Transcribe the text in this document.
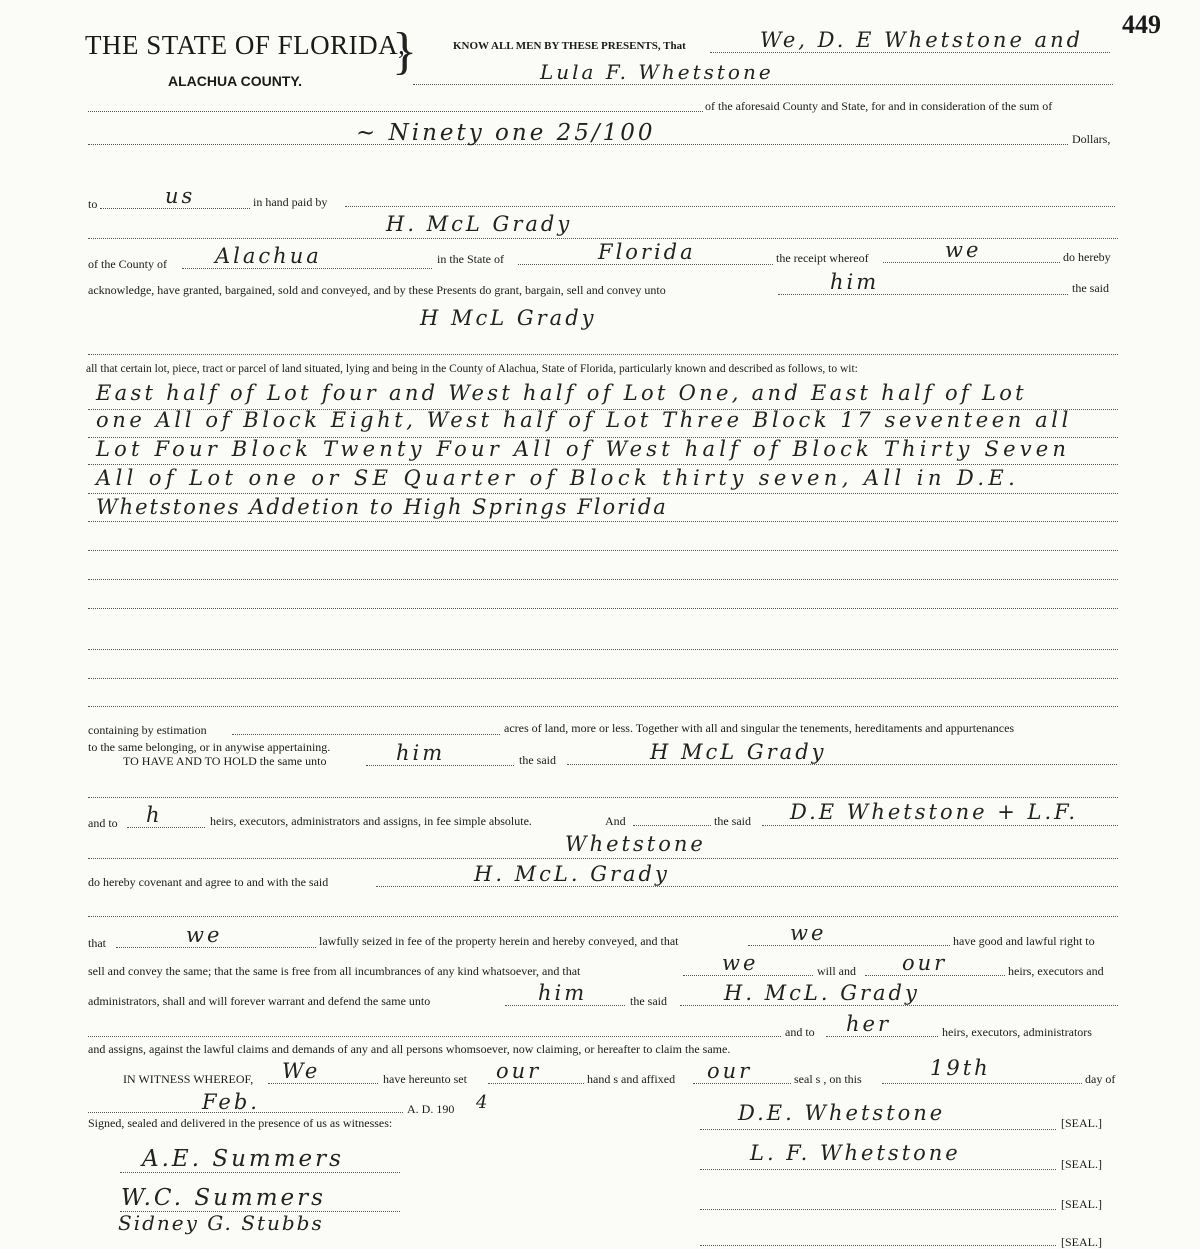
THE STATE OF FLORIDA,
}
ALACHUA COUNTY.
449
KNOW ALL MEN BY THESE PRESENTS, That	We, D. E Whetstone and
Lula F. Whetstone
of the aforesaid County and State, for and in consideration of the sum of
~ Ninety one 25/100	Dollars,
to	us	in hand paid by
H. McL Grady
of the County of Alachua	in the State of	Florida	the receipt whereof	we	do hereby
acknowledge, have granted, bargained, sold and conveyed, and by these Presents do grant, bargain, sell and convey unto	him	the said
H McL Grady
all that certain lot, piece, tract or parcel of land situated, lying and being in the County of Alachua, State of Florida, particularly known and described as follows, to wit:
East half of Lot four and West half of Lot One, and East half of Lot
one All of Block Eight, West half of Lot Three Block 17 seventeen all
Lot Four Block Twenty Four All of West half of Block Thirty Seven
All of Lot one or SE Quarter of Block thirty seven, All in D.E.
Whetstones Addetion to High Springs Florida
containing by estimation	acres of land, more or less. Together with all and singular the tenements, hereditaments and appurtenances
to the same belonging, or in anywise appertaining.
TO HAVE AND TO HOLD the same unto	him	the said	H McL Grady
and to h	heirs, executors, administrators and assigns, in fee simple absolute.	And	the said D.E Whetstone + L.F.
Whetstone
do hereby covenant and agree to and with the said	H. McL. Grady
that	we	lawfully seized in fee of the property herein and hereby conveyed, and that	we	have good and lawful right to
sell and convey the same; that the same is free from all incumbrances of any kind whatsoever, and that	we	will and our	heirs, executors and
administrators, shall and will forever warrant and defend the same unto	him	the said	H. McL. Grady
and to her	heirs, executors, administrators
and assigns, against the lawful claims and demands of any and all persons whomsoever, now claiming, or hereafter to claim the same.
IN WITNESS WHEREOF, We	have hereunto set our	hand s and affixed our	seal s , on this	19th	day of
Feb.	A. D. 190 4
Signed, sealed and delivered in the presence of us as witnesses:
A.E. Summers
W.C. Summers
Sidney G. Stubbs
D.E. Whetstone	[SEAL.]
L. F. Whetstone	[SEAL.]
[SEAL.]
[SEAL.]
